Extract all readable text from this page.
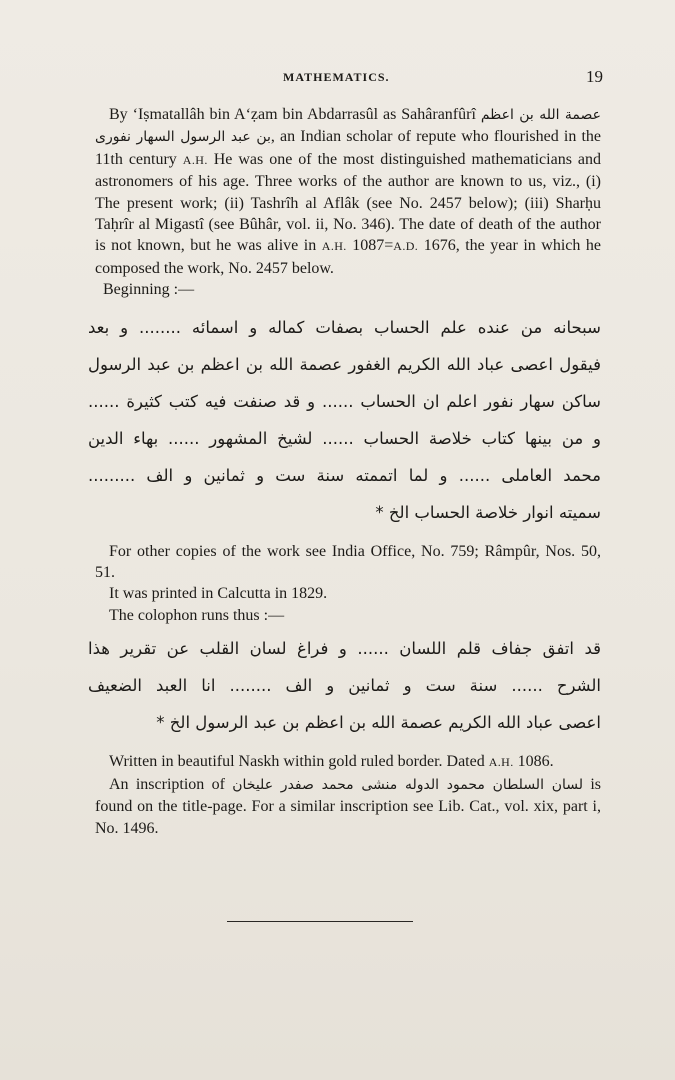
MATHEMATICS.	19

By ‘Iṣmatallâh bin A‘ẓam bin Abdarrasûl as Sahâranfûrî عصمة الله بن اعظم بن عبد الرسول السهار نفوری, an Indian scholar of repute who flourished in the 11th century A.H. He was one of the most distinguished mathematicians and astronomers of his age. Three works of the author are known to us, viz., (i) The present work; (ii) Tashrîh al Aflâk (see No. 2457 below); (iii) Sharḥu Taḥrîr al Migastî (see Bûhâr, vol. ii, No. 346). The date of death of the author is not known, but he was alive in A.H. 1087=A.D. 1676, the year in which he composed the work, No. 2457 below.

Beginning :—

سبحانه من عنده علم الحساب بصفات کماله و اسمائه ........ و بعد
فیقول اعصی عباد الله الکریم الغفور عصمة الله بن اعظم بن عبد الرسول
ساکن سهار نفور اعلم ان الحساب ...... و قد صنفت فیه کتب کثیرة ......
و من بینها کتاب خلاصة الحساب ...... لشیخ المشهور ...... بهاء الدین
محمد العاملی ...... و لما اتممته سنة ست و ثمانین و الف .........
سمیته انوار خلاصة الحساب الخ *

For other copies of the work see India Office, No. 759; Râmpûr, Nos. 50, 51.

It was printed in Calcutta in 1829.

The colophon runs thus :—

قد اتفق جفاف قلم اللسان ...... و فراغ لسان القلب عن تقریر هذا
الشرح ...... سنة ست و ثمانین و الف ........ انا العبد الضعیف
اعصی عباد الله الکریم عصمة الله بن اعظم بن عبد الرسول الخ *

Written in beautiful Naskh within gold ruled border. Dated A.H. 1086.

An inscription of لسان السلطان محمود الدوله منشی محمد صفدر علیخان is found on the title-page. For a similar inscription see Lib. Cat., vol. xix, part i, No. 1496.
